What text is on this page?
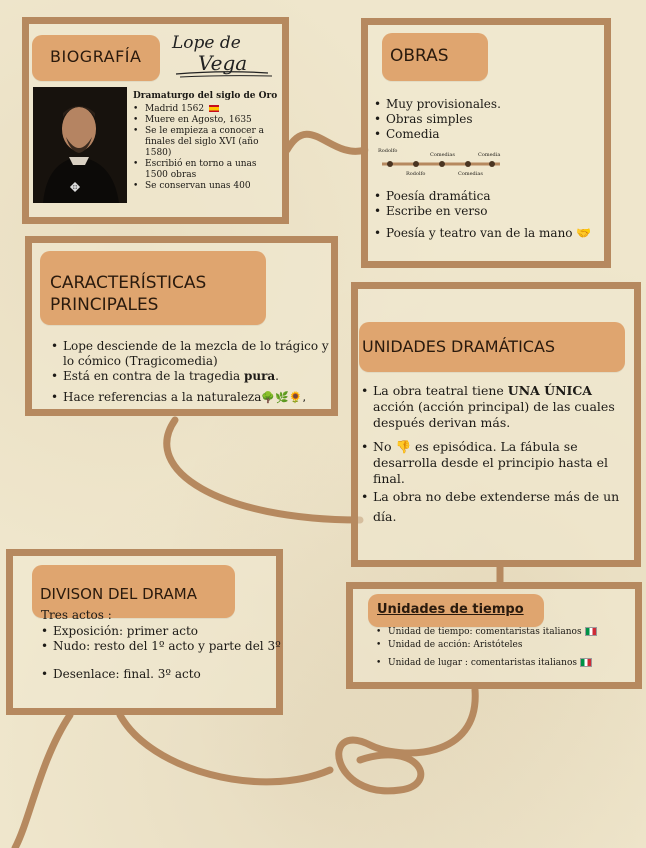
BIOGRAFÍA
Lope de
Vega
Dramaturgo del siglo de Oro
• Madrid 1562
• Muere en Agosto, 1635
• Se le empieza a conocer a finales del siglo XVI (año 1580)
• Escribió en torno a unas 1500 obras
• Se conservan unas 400
OBRAS
• Muy provisionales.
• Obras simples
• Comedia
Rodolfo
Rodolfo
Comedias
Comedias
Comedia
• Poesía dramática
• Escribe en verso
• Poesía y teatro van de la mano 🤝
CARACTERÍSTICAS
PRINCIPALES
• Lope desciende de la mezcla de lo trágico y lo cómico (Tragicomedia)
• Está en contra de la tragedia pura.
• Hace referencias a la naturaleza🌳🌿🌻,
UNIDADES DRAMÁTICAS
• La obra teatral tiene UNA ÚNICA acción (acción principal) de las cuales después derivan más.
• No 👎 es episódica. La fábula se desarrolla desde el principio hasta el final.
• La obra no debe extenderse más de un día.
DIVISON DEL DRAMA
Tres actos :
• Exposición: primer acto
• Nudo: resto del 1º acto y parte del 3º
• Desenlace: final. 3º acto
Unidades de tiempo
• Unidad de tiempo: comentaristas italianos
• Unidad de acción: Aristóteles
• Unidad de lugar : comentaristas italianos
